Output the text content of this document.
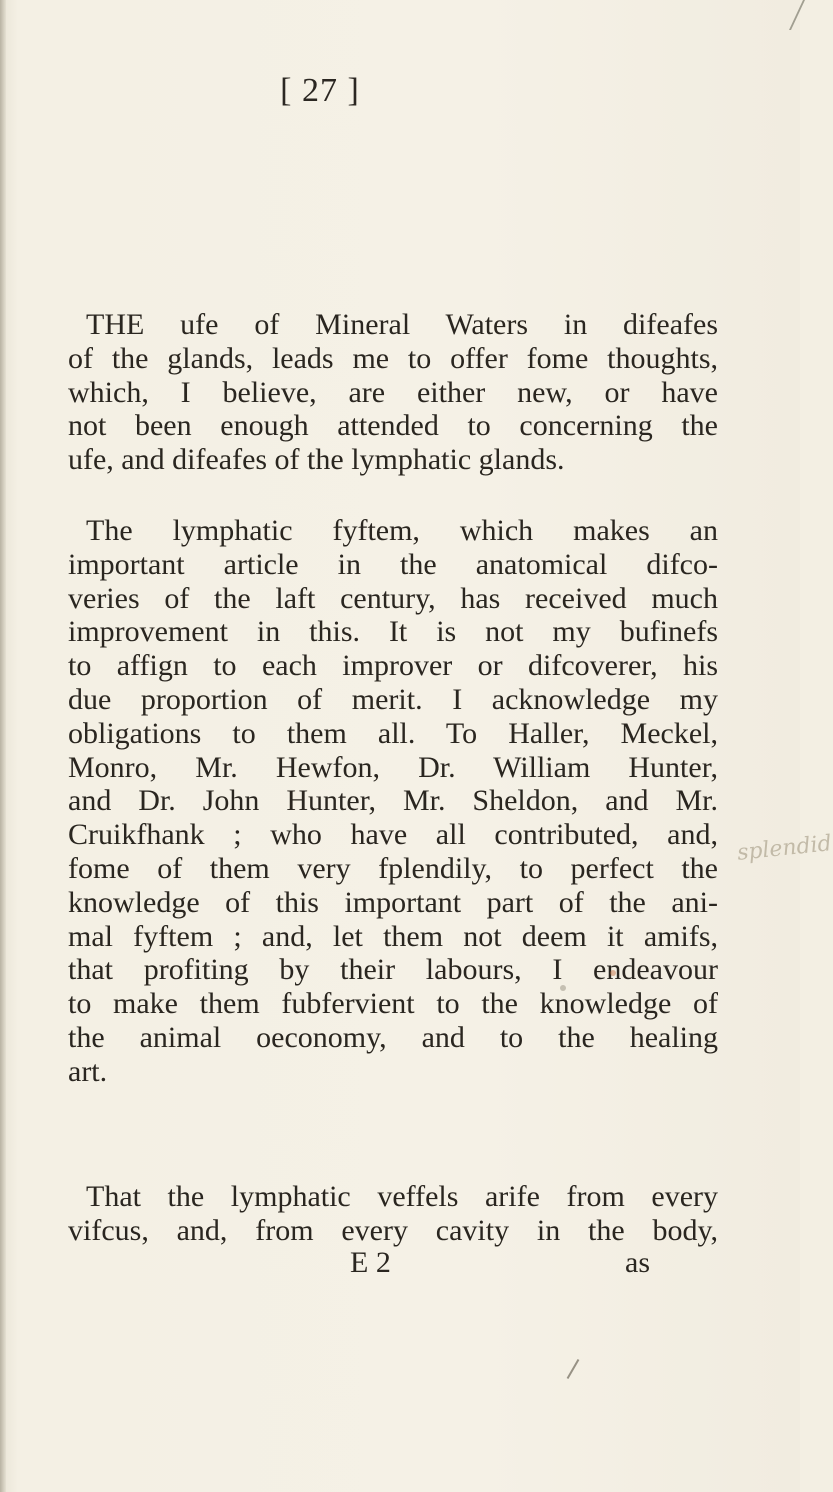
[ 27 ]
THE ufe of Mineral Waters in difeafes
of the glands, leads me to offer fome thoughts,
which, I believe, are either new, or have
not been enough attended to concerning the
ufe, and difeafes of the lymphatic glands.
The lymphatic fyftem, which makes an
important article in the anatomical difco-
veries of the laft century, has received much
improvement in this. It is not my bufinefs
to affign to each improver or difcoverer, his
due proportion of merit. I acknowledge my
obligations to them all. To Haller, Meckel,
Monro, Mr. Hewfon, Dr. William Hunter,
and Dr. John Hunter, Mr. Sheldon, and Mr.
Cruikfhank ; who have all contributed, and,
fome of them very fplendily, to perfect the
knowledge of this important part of the ani-
mal fyftem ; and, let them not deem it amifs,
that profiting by their labours, I endeavour
to make them fubfervient to the knowledge of
the animal oeconomy, and to the healing
art.
That the lymphatic veffels arife from every
vifcus, and, from every cavity in the body,
E 2	as
splendid
